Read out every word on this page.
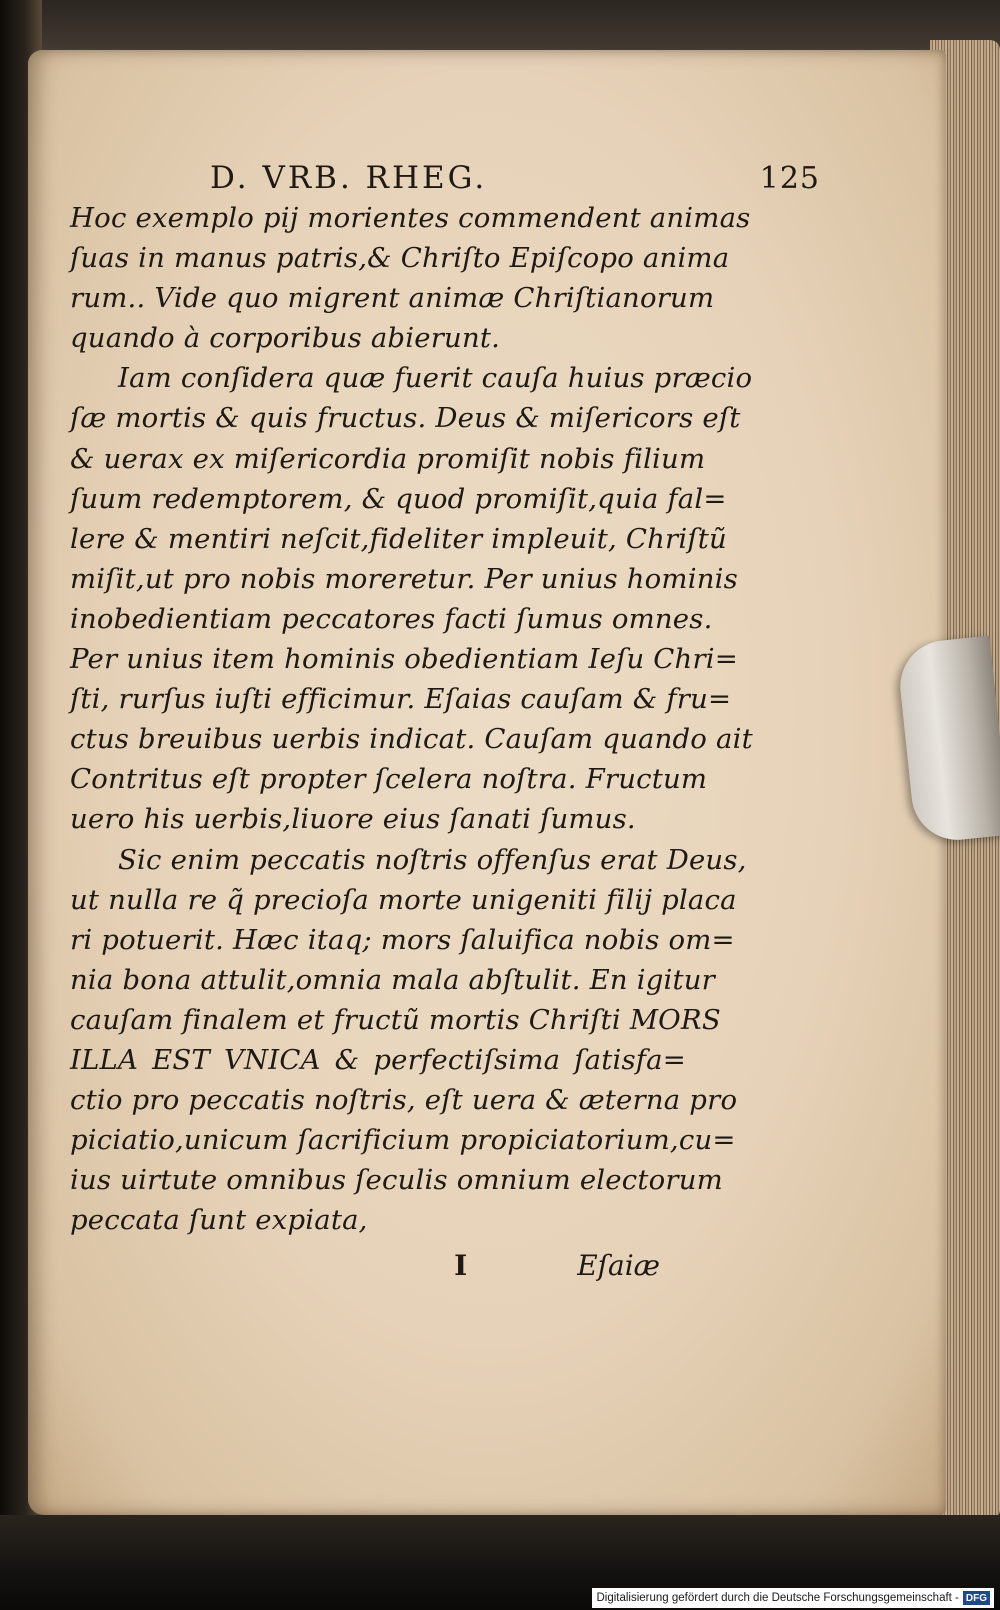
D. VRB. RHEG.	125
Hoc exemplo pij morientes commendent animas
ſuas in manus patris,& Chriſto Epiſcopo anima
rum.. Vide quo migrent animæ Chriſtianorum
quando à corporibus abierunt.
Iam conſidera quæ fuerit cauſa huius præcio
ſæ mortis & quis fructus. Deus & miſericors eſt
& uerax ex miſericordia promiſit nobis filium
ſuum redemptorem, & quod promiſit,quia fal=
lere & mentiri neſcit,fideliter impleuit, Chriſtũ
miſit,ut pro nobis moreretur. Per unius hominis
inobedientiam peccatores facti ſumus omnes.
Per unius item hominis obedientiam Ieſu Chri=
ſti, rurſus iuſti efficimur. Eſaias cauſam & fru=
ctus breuibus uerbis indicat. Cauſam quando ait
Contritus eſt propter ſcelera noſtra. Fructum
uero his uerbis,liuore eius ſanati ſumus.
Sic enim peccatis noſtris offenſus erat Deus,
ut nulla re q̃ precioſa morte unigeniti filij placa
ri potuerit. Hæc itaq; mors ſaluifica nobis om=
nia bona attulit,omnia mala abſtulit. En igitur
cauſam finalem et fructũ mortis Chriſti MORS
ILLA EST VNICA & perfectiſsima ſatisfa=
ctio pro peccatis noſtris, eſt uera & æterna pro
piciatio,unicum ſacrificium propiciatorium,cu=
ius uirtute omnibus ſeculis omnium electorum
peccata ſunt expiata,
I	Eſaiæ
Digitalisierung gefördert durch die Deutsche Forschungsgemeinschaft - DFG
